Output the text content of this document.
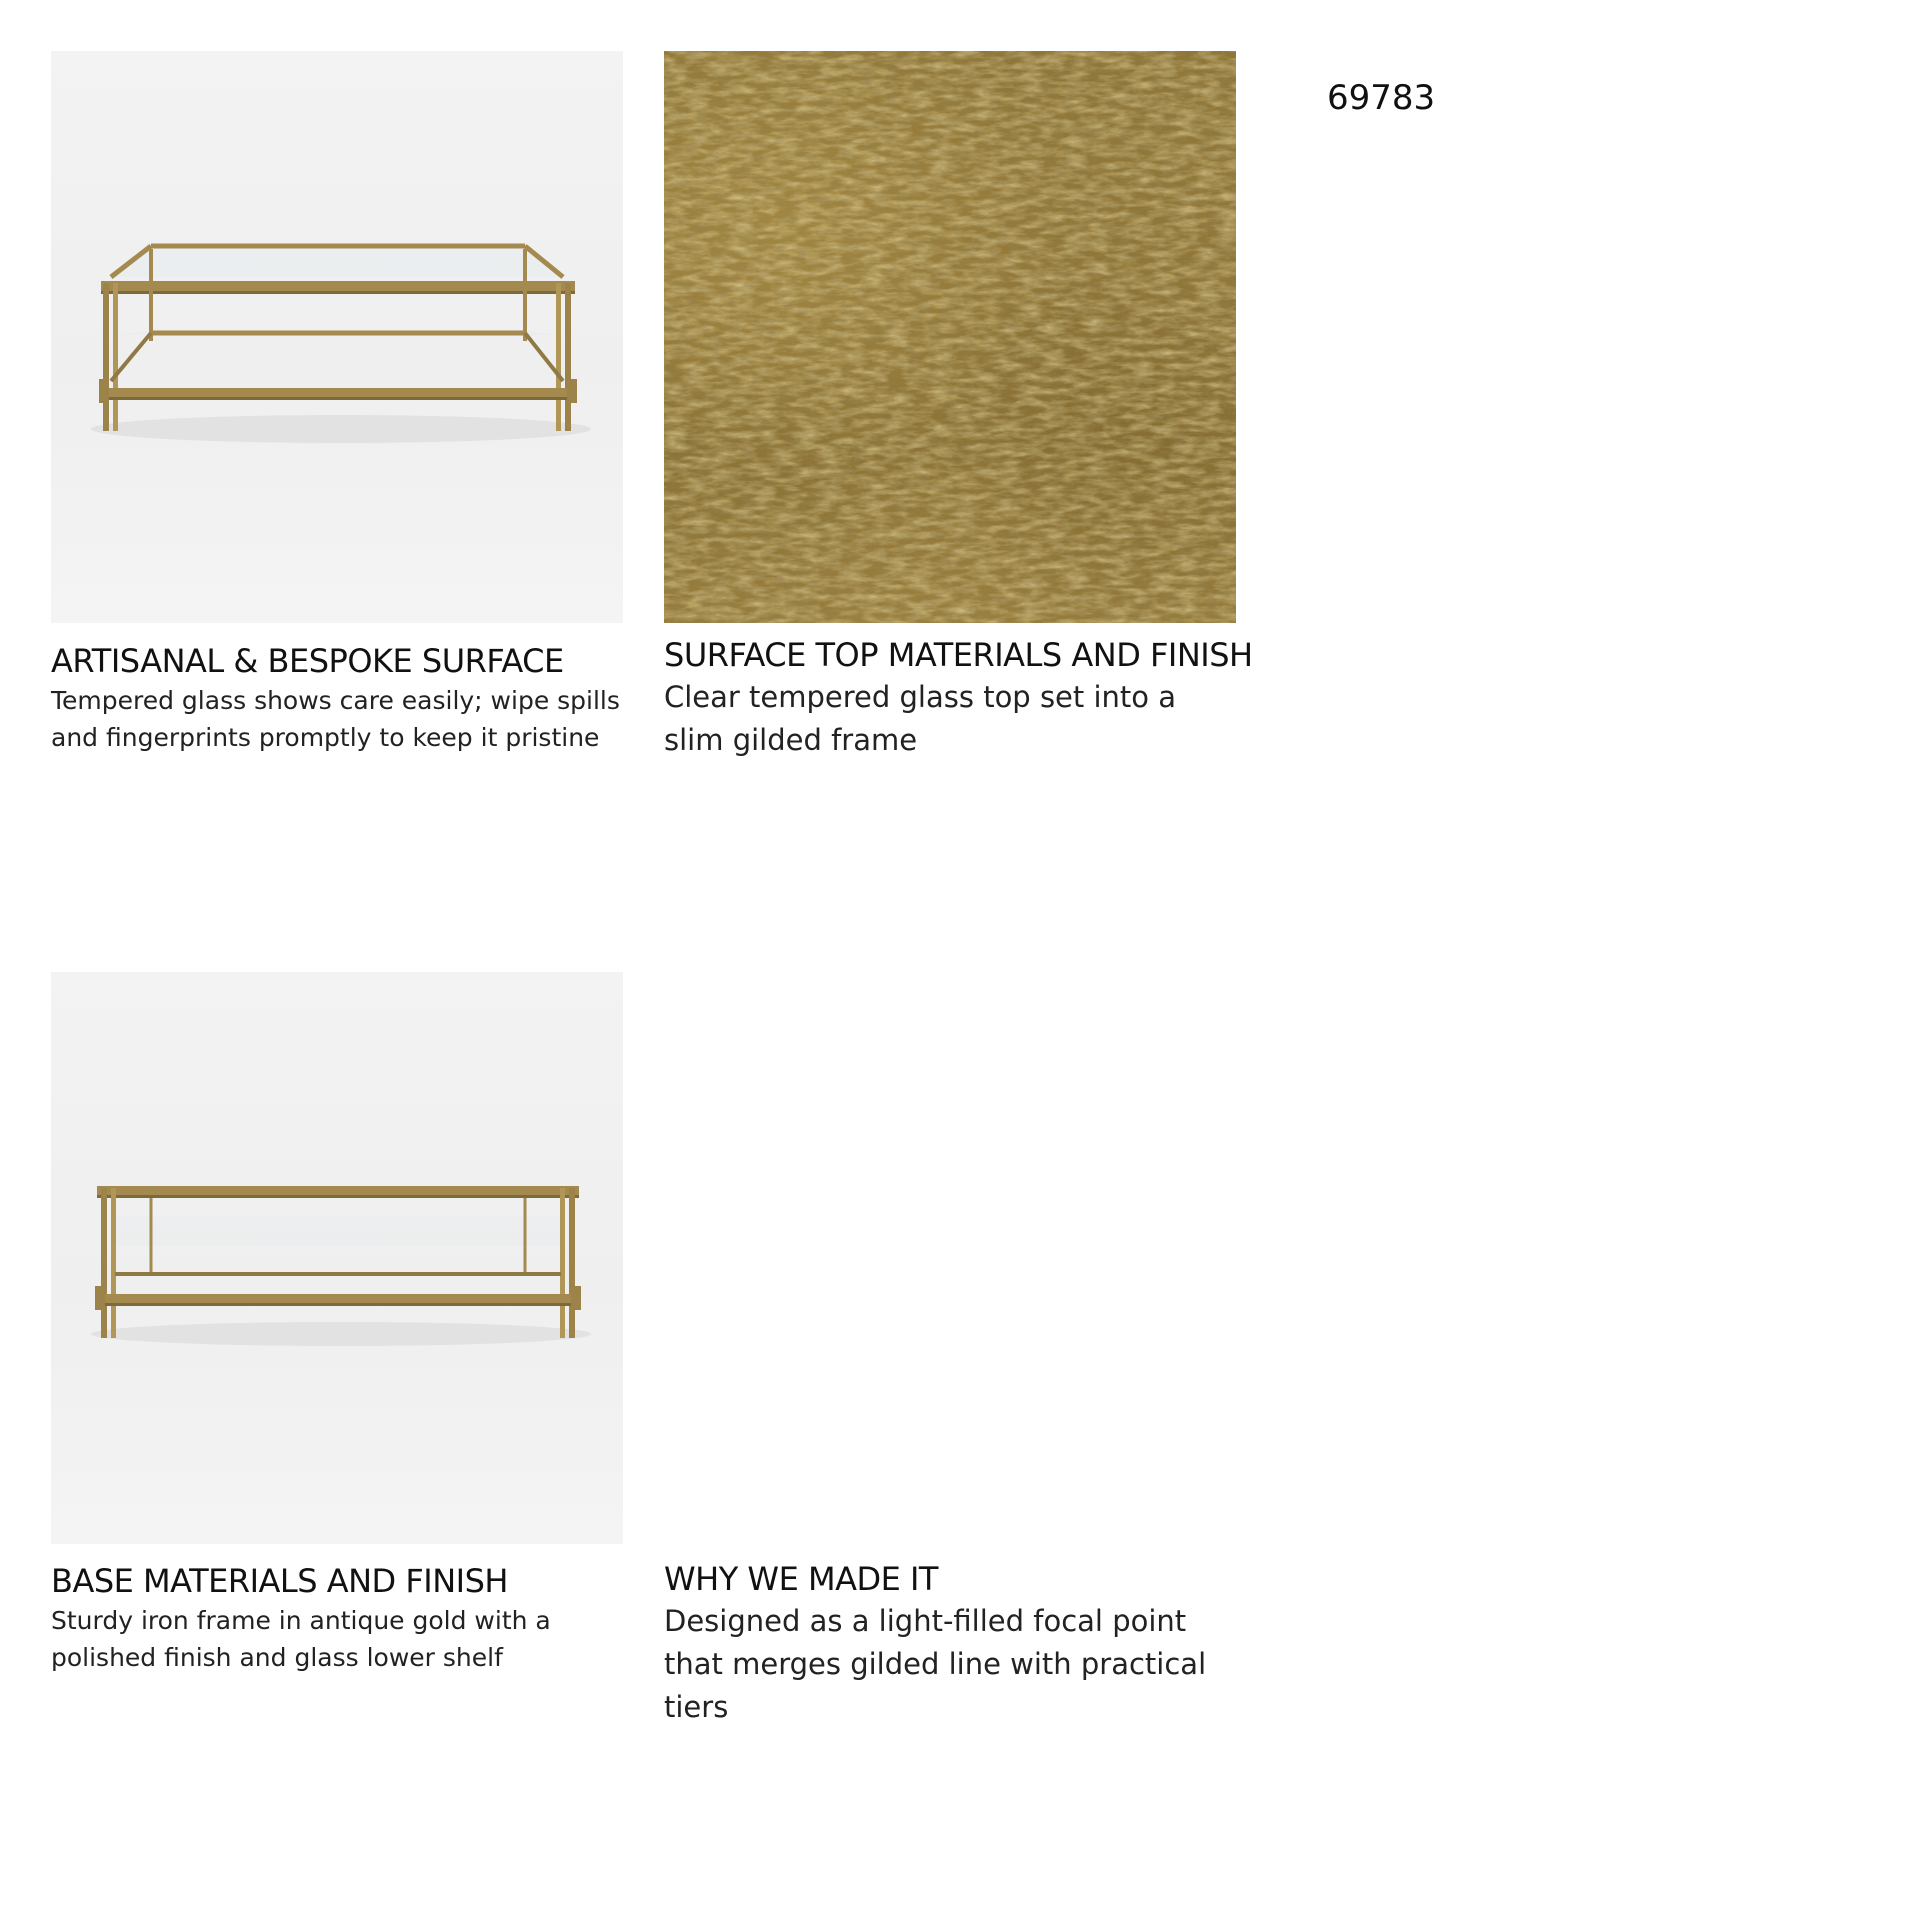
ARTISANAL & BESPOKE SURFACE

Tempered glass shows care easily; wipe spills and fingerprints promptly to keep it pristine

SURFACE TOP MATERIALS AND FINISH

Clear tempered glass top set into a slim gilded frame

69783

BASE MATERIALS AND FINISH

Sturdy iron frame in antique gold with a polished finish and glass lower shelf

WHY WE MADE IT

Designed as a light-filled focal point that merges gilded line with practical tiers
